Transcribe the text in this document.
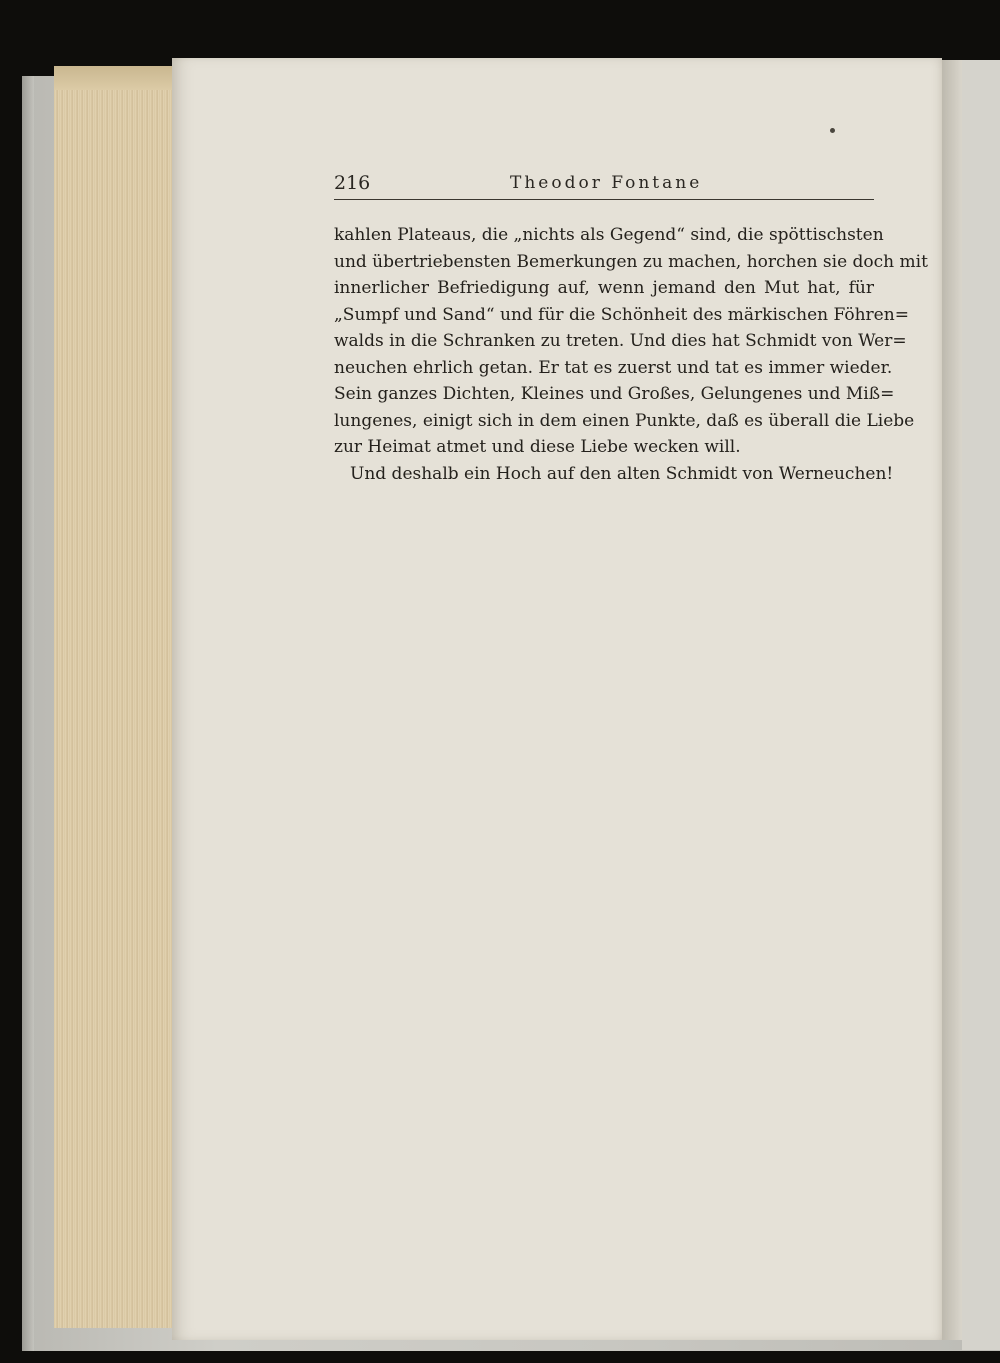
216	Theodor Fontane
kahlen Plateaus, die „nichts als Gegend“ sind, die spöttischsten
und übertriebensten Bemerkungen zu machen, horchen sie doch mit
innerlicher Befriedigung auf, wenn jemand den Mut hat, für
„Sumpf und Sand“ und für die Schönheit des märkischen Föhren=
walds in die Schranken zu treten. Und dies hat Schmidt von Wer=
neuchen ehrlich getan. Er tat es zuerst und tat es immer wieder.
Sein ganzes Dichten, Kleines und Großes, Gelungenes und Miß=
lungenes, einigt sich in dem einen Punkte, daß es überall die Liebe
zur Heimat atmet und diese Liebe wecken will.
Und deshalb ein Hoch auf den alten Schmidt von Werneuchen!
